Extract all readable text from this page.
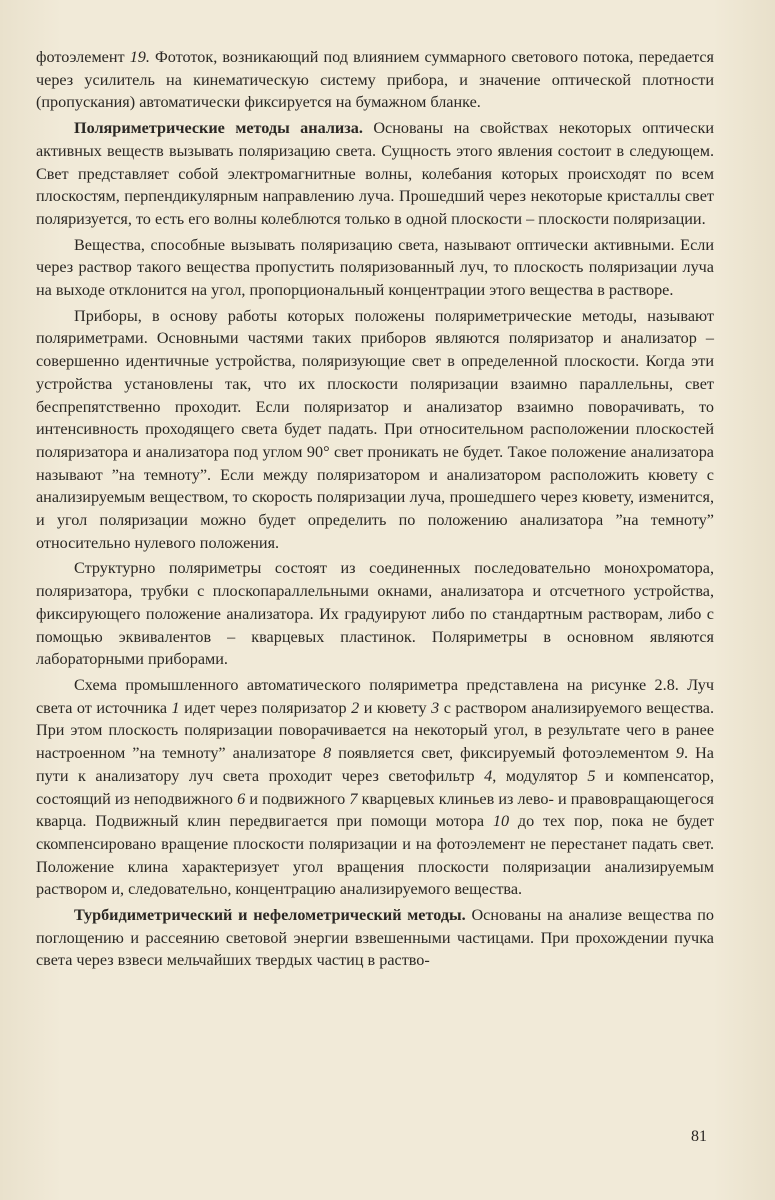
фотоэлемент 19. Фототок, возникающий под влиянием суммарного светового потока, передается через усилитель на кинематическую систему прибора, и значение оптической плотности (пропускания) автоматически фиксируется на бумажном бланке.

Поляриметрические методы анализа. Основаны на свойствах некоторых оптически активных веществ вызывать поляризацию света. Сущность этого явления состоит в следующем. Свет представляет собой электромагнитные волны, колебания которых происходят по всем плоскостям, перпендикулярным направлению луча. Прошедший через некоторые кристаллы свет поляризуется, то есть его волны колеблются только в одной плоскости – плоскости поляризации.

Вещества, способные вызывать поляризацию света, называют оптически активными. Если через раствор такого вещества пропустить поляризованный луч, то плоскость поляризации луча на выходе отклонится на угол, пропорциональный концентрации этого вещества в растворе.

Приборы, в основу работы которых положены поляриметрические методы, называют поляриметрами. Основными частями таких приборов являются поляризатор и анализатор – совершенно идентичные устройства, поляризующие свет в определенной плоскости. Когда эти устройства установлены так, что их плоскости поляризации взаимно параллельны, свет беспрепятственно проходит. Если поляризатор и анализатор взаимно поворачивать, то интенсивность проходящего света будет падать. При относительном расположении плоскостей поляризатора и анализатора под углом 90° свет проникать не будет. Такое положение анализатора называют ”на темноту”. Если между поляризатором и анализатором расположить кювету с анализируемым веществом, то скорость поляризации луча, прошедшего через кювету, изменится, и угол поляризации можно будет определить по положению анализатора ”на темноту” относительно нулевого положения.

Структурно поляриметры состоят из соединенных последовательно монохроматора, поляризатора, трубки с плоскопараллельными окнами, анализатора и отсчетного устройства, фиксирующего положение анализатора. Их градуируют либо по стандартным растворам, либо с помощью эквивалентов – кварцевых пластинок. Поляриметры в основном являются лабораторными приборами.

Схема промышленного автоматического поляриметра представлена на рисунке 2.8. Луч света от источника 1 идет через поляризатор 2 и кювету 3 с раствором анализируемого вещества. При этом плоскость поляризации поворачивается на некоторый угол, в результате чего в ранее настроенном ”на темноту” анализаторе 8 появляется свет, фиксируемый фотоэлементом 9. На пути к анализатору луч света проходит через светофильтр 4, модулятор 5 и компенсатор, состоящий из неподвижного 6 и подвижного 7 кварцевых клиньев из лево- и правовращающегося кварца. Подвижный клин передвигается при помощи мотора 10 до тех пор, пока не будет скомпенсировано вращение плоскости поляризации и на фотоэлемент не перестанет падать свет. Положение клина характеризует угол вращения плоскости поляризации анализируемым раствором и, следовательно, концентрацию анализируемого вещества.

Турбидиметрический и нефелометрический методы. Основаны на анализе вещества по поглощению и рассеянию световой энергии взвешенными частицами. При прохождении пучка света через взвеси мельчайших твердых частиц в раство-

81
